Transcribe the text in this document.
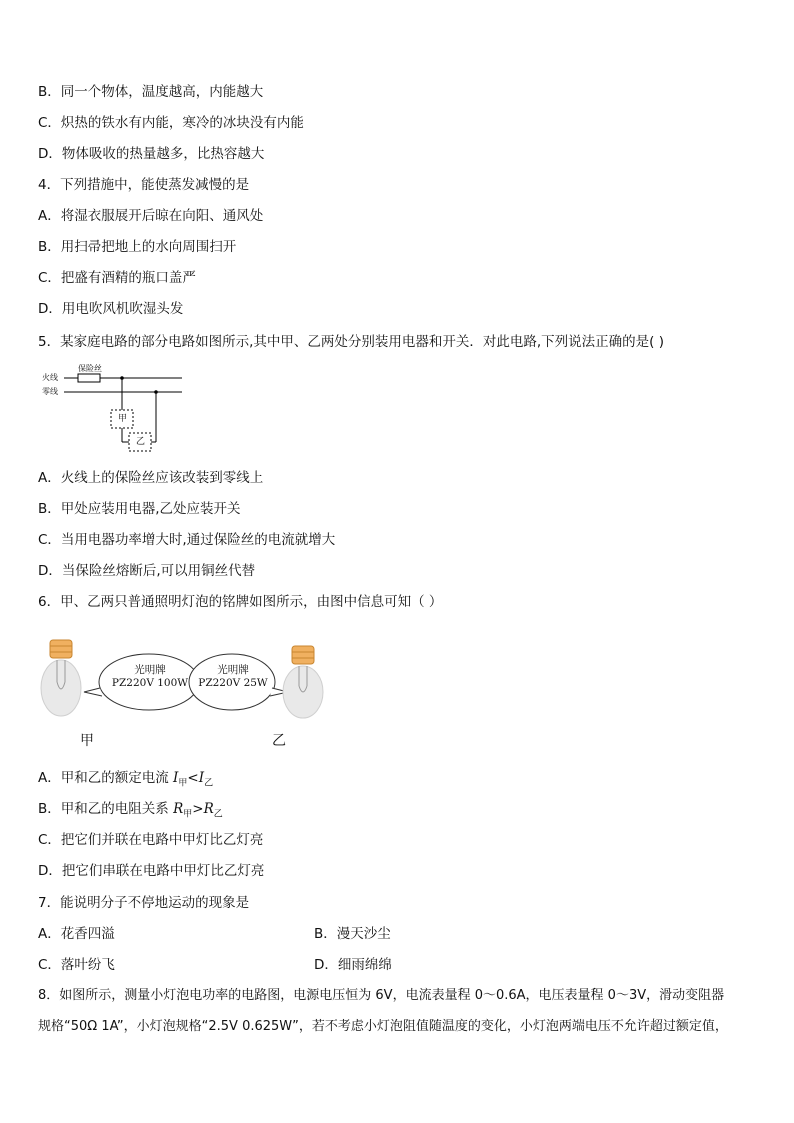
B．同一个物体，温度越高，内能越大
C．炽热的铁水有内能，寒冷的冰块没有内能
D．物体吸收的热量越多，比热容越大
4．下列措施中，能使蒸发减慢的是
A．将湿衣服展开后晾在向阳、通风处
B．用扫帚把地上的水向周围扫开
C．把盛有酒精的瓶口盖严
D．用电吹风机吹湿头发
5．某家庭电路的部分电路如图所示,其中甲、乙两处分别装用电器和开关．对此电路,下列说法正确的是( )
火线
零线
保险丝
甲
乙
A．火线上的保险丝应该改装到零线上
B．甲处应装用电器,乙处应装开关
C．当用电器功率增大时,通过保险丝的电流就增大
D．当保险丝熔断后,可以用铜丝代替
6．甲、乙两只普通照明灯泡的铭牌如图所示，由图中信息可知（ ）
光明牌
PZ220V 100W
光明牌
PZ220V 25W
甲	乙
A．甲和乙的额定电流 $I_甲<I_乙$
B．甲和乙的电阻关系 $R_甲>R_乙$
C．把它们并联在电路中甲灯比乙灯亮
D．把它们串联在电路中甲灯比乙灯亮
7．能说明分子不停地运动的现象是
A．花香四溢	B．漫天沙尘
C．落叶纷飞	D．细雨绵绵
8．如图所示，测量小灯泡电功率的电路图，电源电压恒为 6V，电流表量程 0～0.6A，电压表量程 0～3V，滑动变阻器
规格“50Ω 1A”，小灯泡规格“2.5V 0.625W”，若不考虑小灯泡阻值随温度的变化，小灯泡两端电压不允许超过额定值，
